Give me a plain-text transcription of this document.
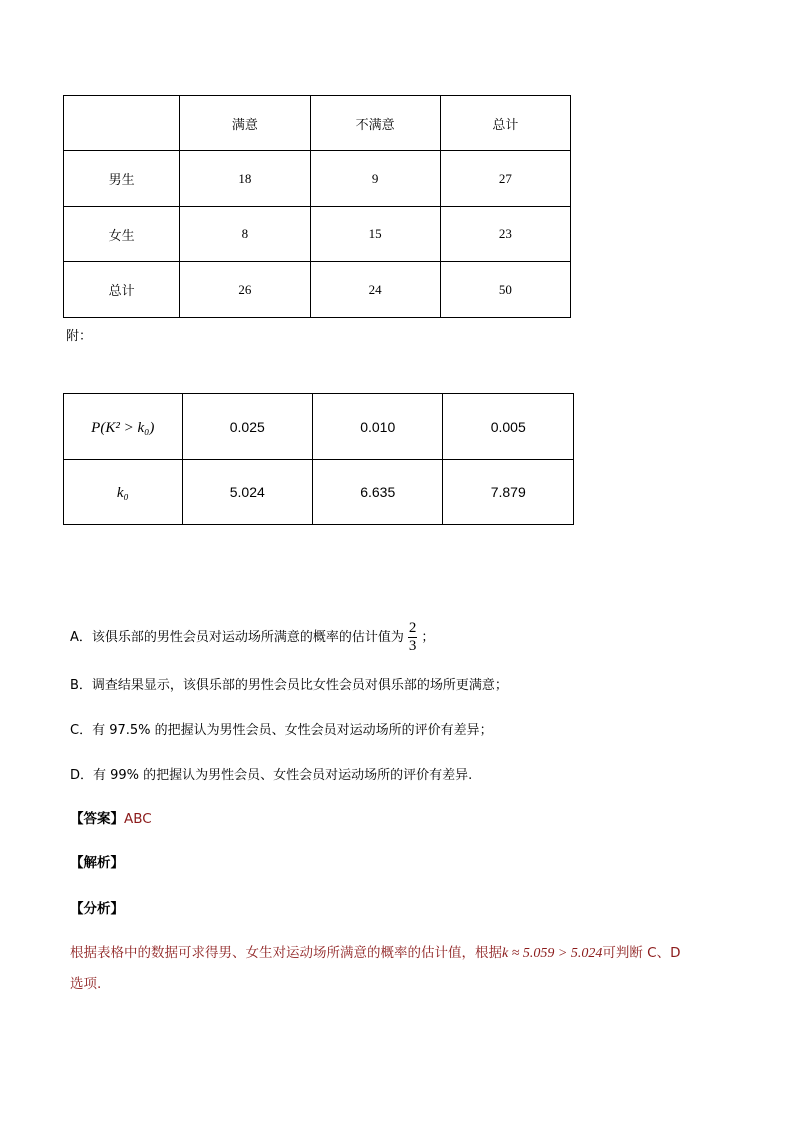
	满意	不满意	总计
男生	18	9	27
女生	8	15	23
总计	26	24	50
附：
P(K² > k₀)	0.025	0.010	0.005
k₀	5.024	6.635	7.879
A．该俱乐部的男性会员对运动场所满意的概率的估计值为 $\frac{2}{3}$ ；
B．调查结果显示，该俱乐部的男性会员比女性会员对俱乐部的场所更满意；
C．有 97.5% 的把握认为男性会员、女性会员对运动场所的评价有差异；
D．有 99% 的把握认为男性会员、女性会员对运动场所的评价有差异.
【答案】ABC
【解析】
【分析】
根据表格中的数据可求得男、女生对运动场所满意的概率的估计值，根据k ≈ 5.059 > 5.024可判断 C、D
选项.
